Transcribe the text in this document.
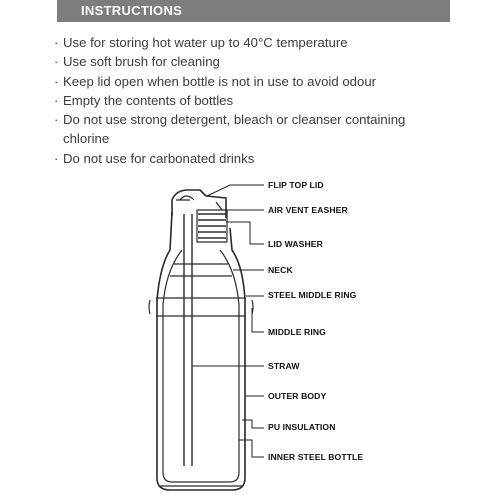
INSTRUCTIONS
· Use for storing hot water up to 40°C temperature
· Use soft brush for cleaning
· Keep lid open when bottle is not in use to avoid odour
· Empty the contents of bottles
· Do not use strong detergent, bleach or cleanser containing chlorine
· Do not use for carbonated drinks
FLIP TOP LID
AIR VENT EASHER
LID WASHER
NECK
STEEL MIDDLE RING
MIDDLE RING
STRAW
OUTER BODY
PU INSULATION
INNER STEEL BOTTLE
